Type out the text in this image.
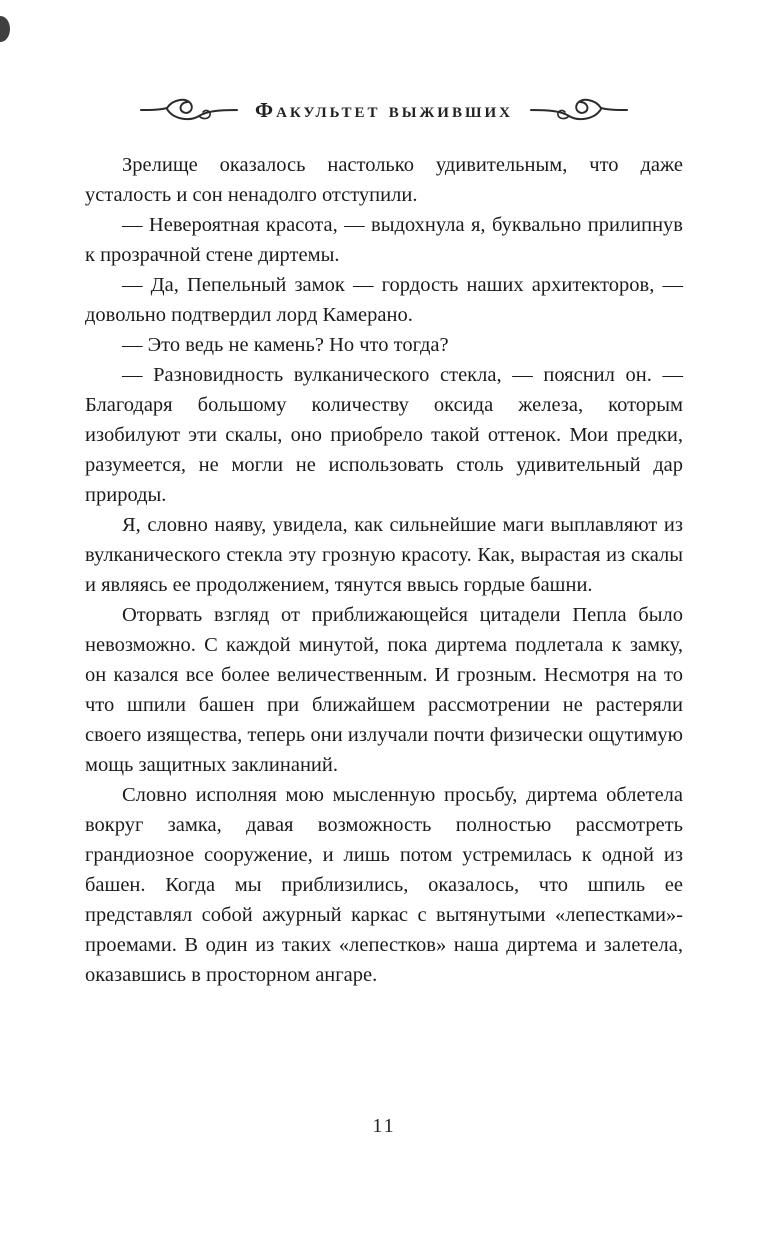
Факультет выживших

Зрелище оказалось настолько удивительным, что даже усталость и сон ненадолго отступили.

— Невероятная красота, — выдохнула я, буквально прилипнув к прозрачной стене диртемы.

— Да, Пепельный замок — гордость наших архитекторов, — довольно подтвердил лорд Камерано.

— Это ведь не камень? Но что тогда?

— Разновидность вулканического стекла, — пояснил он. — Благодаря большому количеству оксида железа, которым изобилуют эти скалы, оно приобрело такой оттенок. Мои предки, разумеется, не могли не использовать столь удивительный дар природы.

Я, словно наяву, увидела, как сильнейшие маги выплавляют из вулканического стекла эту грозную красоту. Как, вырастая из скалы и являясь ее продолжением, тянутся ввысь гордые башни.

Оторвать взгляд от приближающейся цитадели Пепла было невозможно. С каждой минутой, пока диртема подлетала к замку, он казался все более величественным. И грозным. Несмотря на то что шпили башен при ближайшем рассмотрении не растеряли своего изящества, теперь они излучали почти физически ощутимую мощь защитных заклинаний.

Словно исполняя мою мысленную просьбу, диртема облетела вокруг замка, давая возможность полностью рассмотреть грандиозное сооружение, и лишь потом устремилась к одной из башен. Когда мы приблизились, оказалось, что шпиль ее представлял собой ажурный каркас с вытянутыми «лепестками»-проемами. В один из таких «лепестков» наша диртема и залетела, оказавшись в просторном ангаре.

11
